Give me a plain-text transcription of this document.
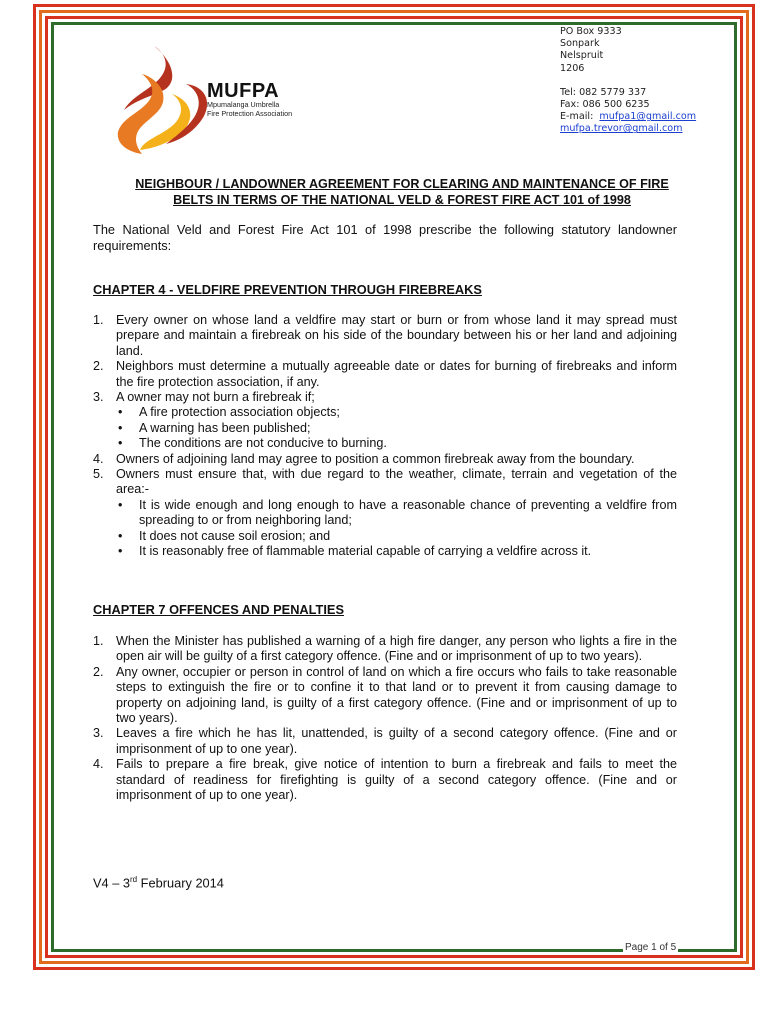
PO Box 9333
Sonpark
Nelspruit
1206
Tel: 082 5779 337
Fax: 086 500 6235
E-mail: mufpa1@gmail.com
mufpa.trevor@gmail.com
MUFPA
Mpumalanga Umbrella
Fire Protection Association
NEIGHBOUR / LANDOWNER AGREEMENT FOR CLEARING AND MAINTENANCE OF FIRE
BELTS IN TERMS OF THE NATIONAL VELD & FOREST FIRE ACT 101 of 1998
The National Veld and Forest Fire Act 101 of 1998 prescribe the following statutory landowner requirements:
CHAPTER 4 - VELDFIRE PREVENTION THROUGH FIREBREAKS
1. Every owner on whose land a veldfire may start or burn or from whose land it may spread must prepare and maintain a firebreak on his side of the boundary between his or her land and adjoining land.
2. Neighbors must determine a mutually agreeable date or dates for burning of firebreaks and inform the fire protection association, if any.
3. A owner may not burn a firebreak if;
• A fire protection association objects;
• A warning has been published;
• The conditions are not conducive to burning.
4. Owners of adjoining land may agree to position a common firebreak away from the boundary.
5. Owners must ensure that, with due regard to the weather, climate, terrain and vegetation of the area:-
• It is wide enough and long enough to have a reasonable chance of preventing a veldfire from spreading to or from neighboring land;
• It does not cause soil erosion; and
• It is reasonably free of flammable material capable of carrying a veldfire across it.
CHAPTER 7 OFFENCES AND PENALTIES
1. When the Minister has published a warning of a high fire danger, any person who lights a fire in the open air will be guilty of a first category offence. (Fine and or imprisonment of up to two years).
2. Any owner, occupier or person in control of land on which a fire occurs who fails to take reasonable steps to extinguish the fire or to confine it to that land or to prevent it from causing damage to property on adjoining land, is guilty of a first category offence. (Fine and or imprisonment of up to two years).
3. Leaves a fire which he has lit, unattended, is guilty of a second category offence. (Fine and or imprisonment of up to one year).
4. Fails to prepare a fire break, give notice of intention to burn a firebreak and fails to meet the standard of readiness for firefighting is guilty of a second category offence. (Fine and or imprisonment of up to one year).
V4 – 3rd February 2014
Page 1 of 5
